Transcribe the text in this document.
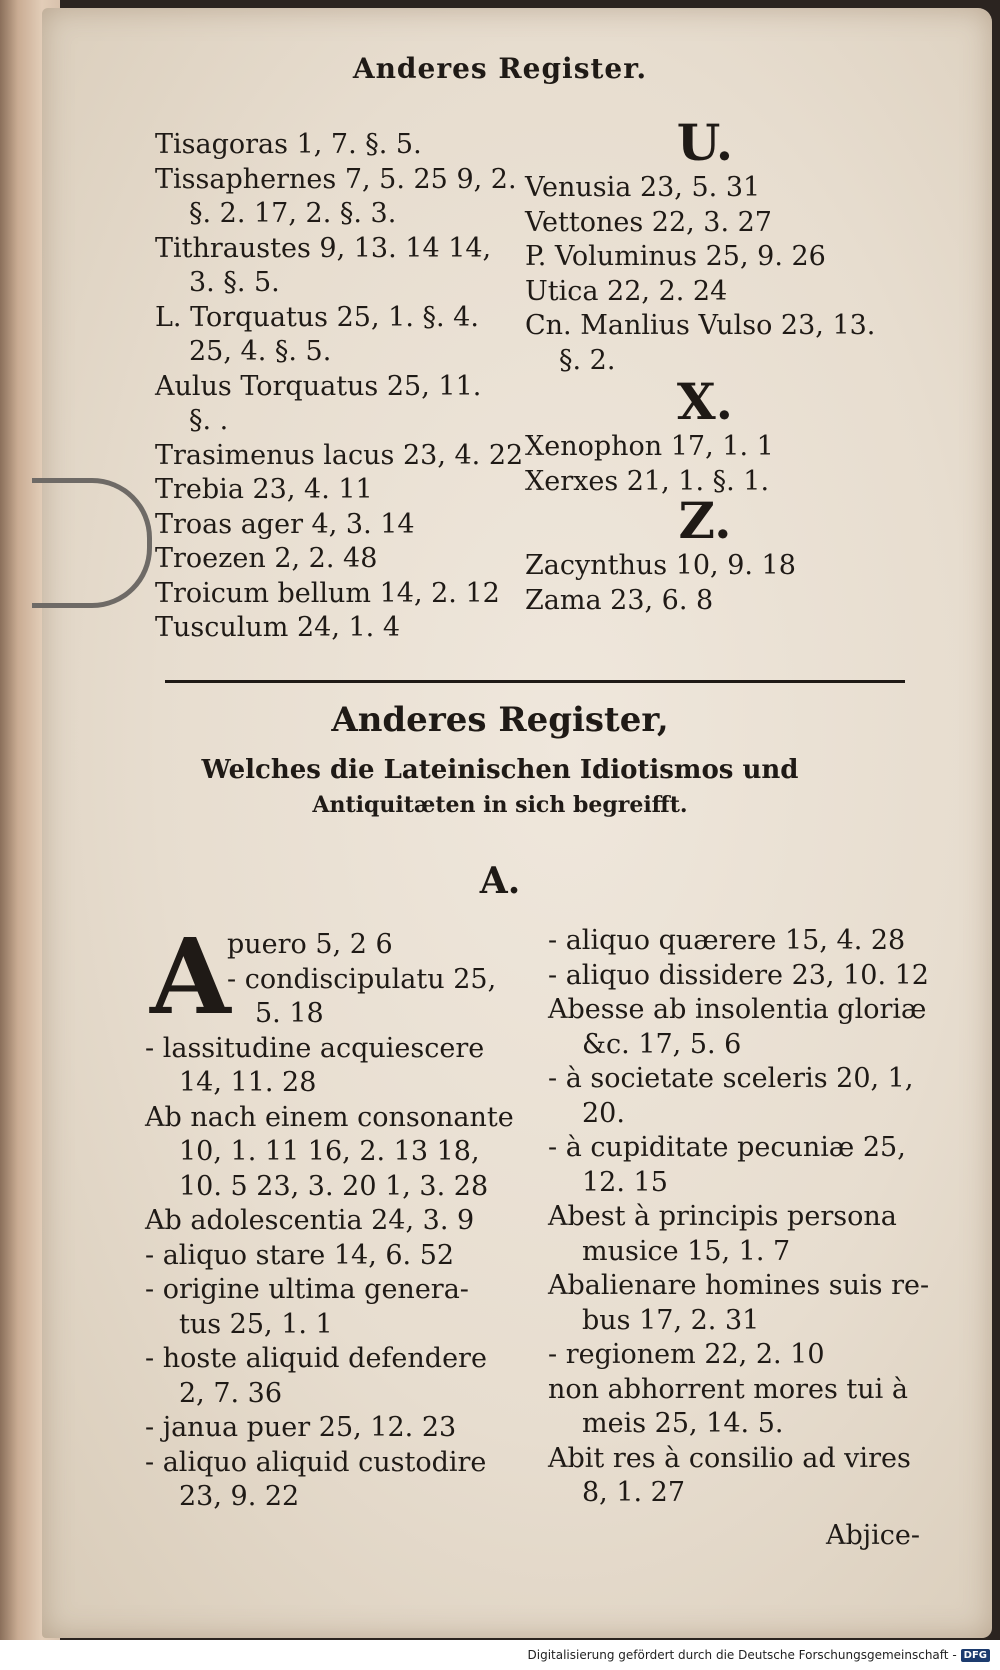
Anderes Register.
Tisagoras 1, 7. §. 5.
Tissaphernes 7, 5. 25 9, 2.
§. 2. 17, 2. §. 3.
Tithraustes 9, 13. 14 14,
3. §. 5.
L. Torquatus 25, 1. §. 4.
25, 4. §. 5.
Aulus Torquatus 25, 11.
§. .
Trasimenus lacus 23, 4. 22
Trebia 23, 4. 11
Troas ager 4, 3. 14
Troezen 2, 2. 48
Troicum bellum 14, 2. 12
Tusculum 24, 1. 4
U.
Venusia 23, 5. 31
Vettones 22, 3. 27
P. Voluminus 25, 9. 26
Utica 22, 2. 24
Cn. Manlius Vulso 23, 13.
§. 2.
X.
Xenophon 17, 1. 1
Xerxes 21, 1. §. 1.
Z.
Zacynthus 10, 9. 18
Zama 23, 6. 8
Anderes Register,
Welches die Lateinischen Idiotismos und
Antiquitæten in sich begreifft.
A.
A
puero 5, 2 6
- condiscipulatu 25,
5. 18
- lassitudine acquiescere
14, 11. 28
Ab nach einem consonante
10, 1. 11 16, 2. 13 18,
10. 5 23, 3. 20 1, 3. 28
Ab adolescentia 24, 3. 9
- aliquo stare 14, 6. 52
- origine ultima genera-
tus 25, 1. 1
- hoste aliquid defendere
2, 7. 36
- janua puer 25, 12. 23
- aliquo aliquid custodire
23, 9. 22
- aliquo quærere 15, 4. 28
- aliquo dissidere 23, 10. 12
Abesse ab insolentia gloriæ
&c. 17, 5. 6
- à societate sceleris 20, 1,
20.
- à cupiditate pecuniæ 25,
12. 15
Abest à principis persona
musice 15, 1. 7
Abalienare homines suis re-
bus 17, 2. 31
- regionem 22, 2. 10
non abhorrent mores tui à
meis 25, 14. 5.
Abit res à consilio ad vires
8, 1. 27
Abjice-
Digitalisierung gefördert durch die Deutsche Forschungsgemeinschaft - DFG
